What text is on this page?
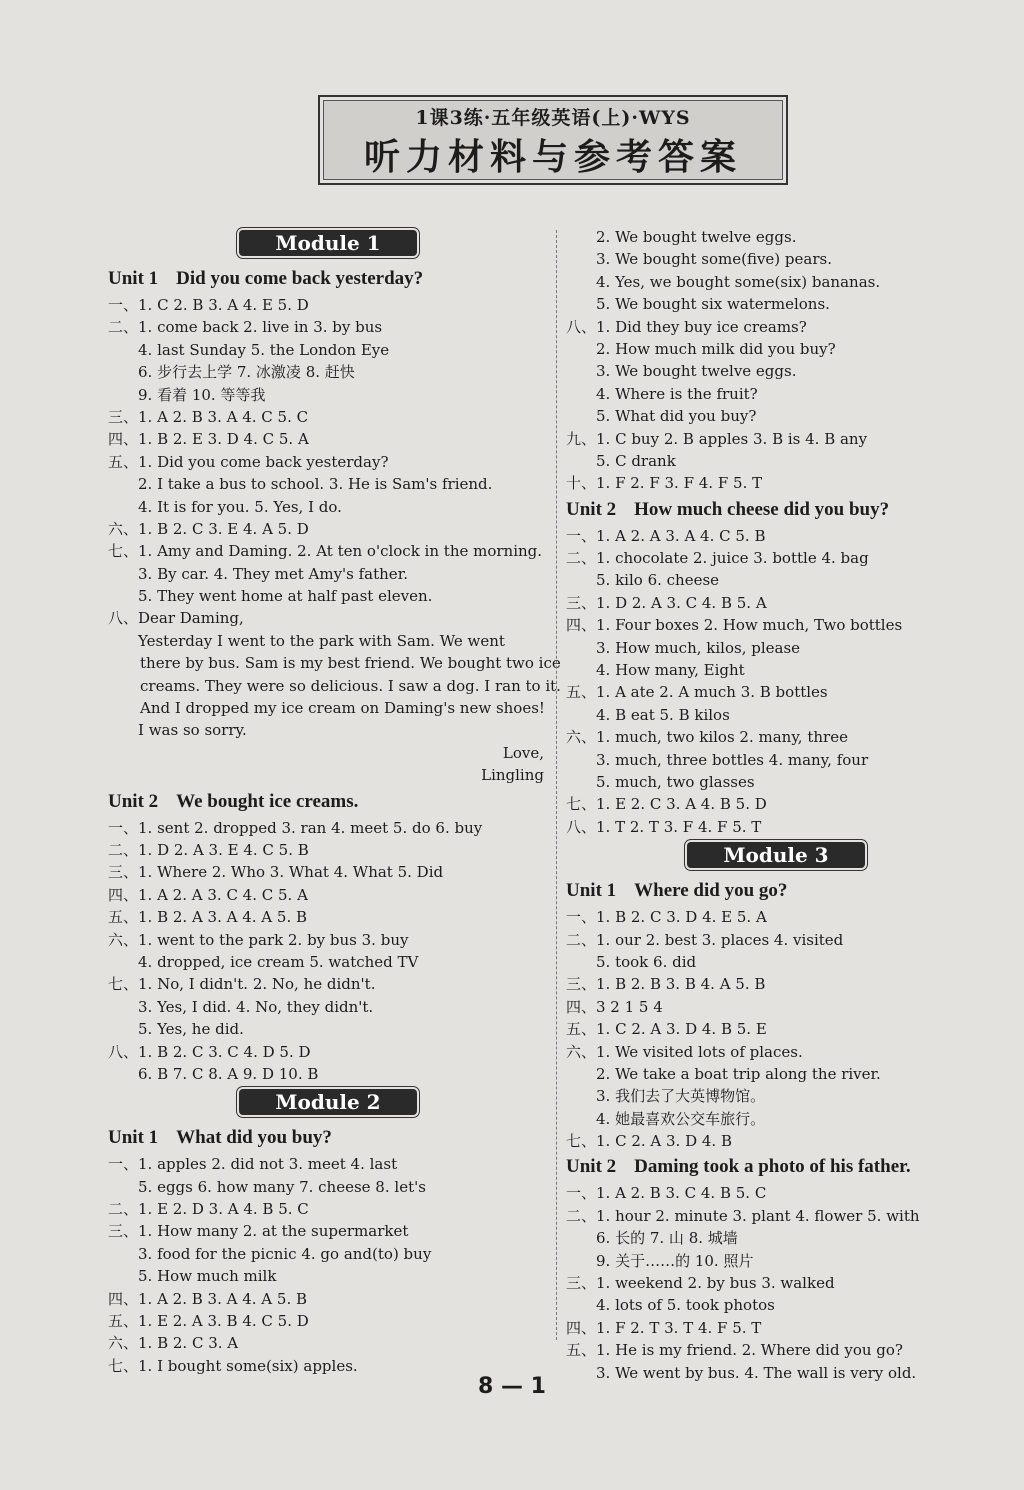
1课3练·五年级英语(上)·WYS
听力材料与参考答案
Module 1
Unit 1 Did you come back yesterday?
一、1. C 2. B 3. A 4. E 5. D
二、1. come back 2. live in 3. by bus
4. last Sunday 5. the London Eye
6. 步行去上学 7. 冰激凌 8. 赶快
9. 看着 10. 等等我
三、1. A 2. B 3. A 4. C 5. C
四、1. B 2. E 3. D 4. C 5. A
五、1. Did you come back yesterday?
2. I take a bus to school. 3. He is Sam's friend.
4. It is for you. 5. Yes, I do.
六、1. B 2. C 3. E 4. A 5. D
七、1. Amy and Daming. 2. At ten o'clock in the morning.
3. By car. 4. They met Amy's father.
5. They went home at half past eleven.
八、Dear Daming,
Yesterday I went to the park with Sam. We went
there by bus. Sam is my best friend. We bought two ice
creams. They were so delicious. I saw a dog. I ran to it.
And I dropped my ice cream on Daming's new shoes!
I was so sorry.
Love,
Lingling
Unit 2 We bought ice creams.
一、1. sent 2. dropped 3. ran 4. meet 5. do 6. buy
二、1. D 2. A 3. E 4. C 5. B
三、1. Where 2. Who 3. What 4. What 5. Did
四、1. A 2. A 3. C 4. C 5. A
五、1. B 2. A 3. A 4. A 5. B
六、1. went to the park 2. by bus 3. buy
4. dropped, ice cream 5. watched TV
七、1. No, I didn't. 2. No, he didn't.
3. Yes, I did. 4. No, they didn't.
5. Yes, he did.
八、1. B 2. C 3. C 4. D 5. D
6. B 7. C 8. A 9. D 10. B
Module 2
Unit 1 What did you buy?
一、1. apples 2. did not 3. meet 4. last
5. eggs 6. how many 7. cheese 8. let's
二、1. E 2. D 3. A 4. B 5. C
三、1. How many 2. at the supermarket
3. food for the picnic 4. go and(to) buy
5. How much milk
四、1. A 2. B 3. A 4. A 5. B
五、1. E 2. A 3. B 4. C 5. D
六、1. B 2. C 3. A
七、1. I bought some(six) apples.
2. We bought twelve eggs.
3. We bought some(five) pears.
4. Yes, we bought some(six) bananas.
5. We bought six watermelons.
八、1. Did they buy ice creams?
2. How much milk did you buy?
3. We bought twelve eggs.
4. Where is the fruit?
5. What did you buy?
九、1. C buy 2. B apples 3. B is 4. B any
5. C drank
十、1. F 2. F 3. F 4. F 5. T
Unit 2 How much cheese did you buy?
一、1. A 2. A 3. A 4. C 5. B
二、1. chocolate 2. juice 3. bottle 4. bag
5. kilo 6. cheese
三、1. D 2. A 3. C 4. B 5. A
四、1. Four boxes 2. How much, Two bottles
3. How much, kilos, please
4. How many, Eight
五、1. A ate 2. A much 3. B bottles
4. B eat 5. B kilos
六、1. much, two kilos 2. many, three
3. much, three bottles 4. many, four
5. much, two glasses
七、1. E 2. C 3. A 4. B 5. D
八、1. T 2. T 3. F 4. F 5. T
Module 3
Unit 1 Where did you go?
一、1. B 2. C 3. D 4. E 5. A
二、1. our 2. best 3. places 4. visited
5. took 6. did
三、1. B 2. B 3. B 4. A 5. B
四、3 2 1 5 4
五、1. C 2. A 3. D 4. B 5. E
六、1. We visited lots of places.
2. We take a boat trip along the river.
3. 我们去了大英博物馆。
4. 她最喜欢公交车旅行。
七、1. C 2. A 3. D 4. B
Unit 2 Daming took a photo of his father.
一、1. A 2. B 3. C 4. B 5. C
二、1. hour 2. minute 3. plant 4. flower 5. with
6. 长的 7. 山 8. 城墙
9. 关于……的 10. 照片
三、1. weekend 2. by bus 3. walked
4. lots of 5. took photos
四、1. F 2. T 3. T 4. F 5. T
五、1. He is my friend. 2. Where did you go?
3. We went by bus. 4. The wall is very old.
8 — 1
